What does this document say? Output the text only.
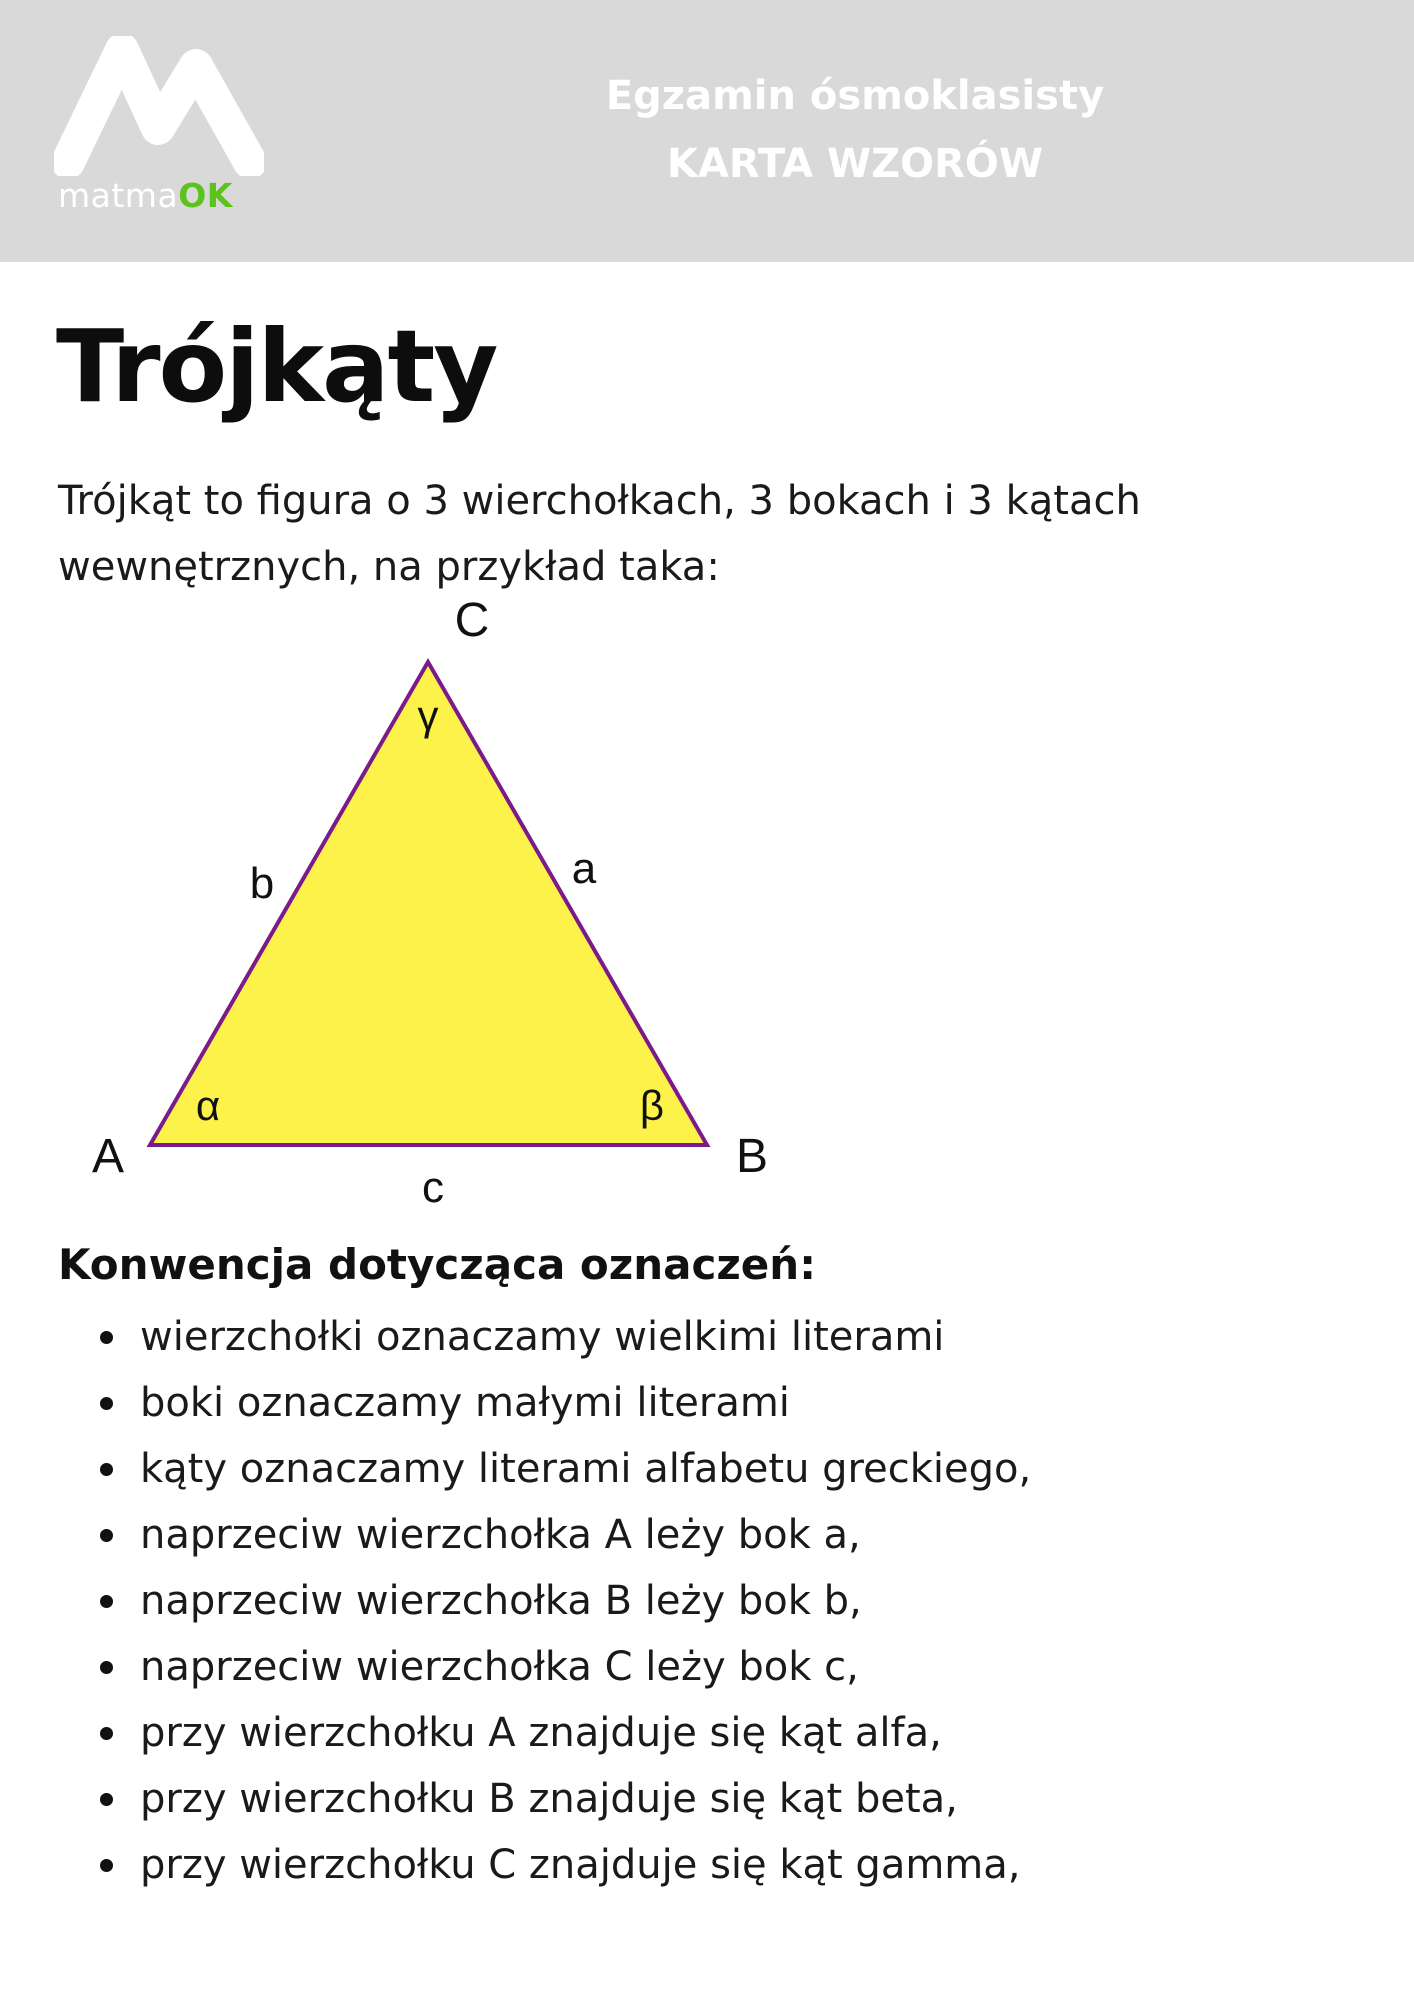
matmaOK
Egzamin ósmoklasisty
KARTA WZORÓW
Trójkąty

Trójkąt to figura o 3 wierchołkach, 3 bokach i 3 kątach wewnętrznych, na przykład taka:

C
A	B
a
b
c
γ
α	β
Konwencja dotycząca oznaczeń:
wierzchołki oznaczamy wielkimi literami
boki oznaczamy małymi literami
kąty oznaczamy literami alfabetu greckiego,
naprzeciw wierzchołka A leży bok a,
naprzeciw wierzchołka B leży bok b,
naprzeciw wierzchołka C leży bok c,
przy wierzchołku A znajduje się kąt alfa,
przy wierzchołku B znajduje się kąt beta,
przy wierzchołku C znajduje się kąt gamma,
